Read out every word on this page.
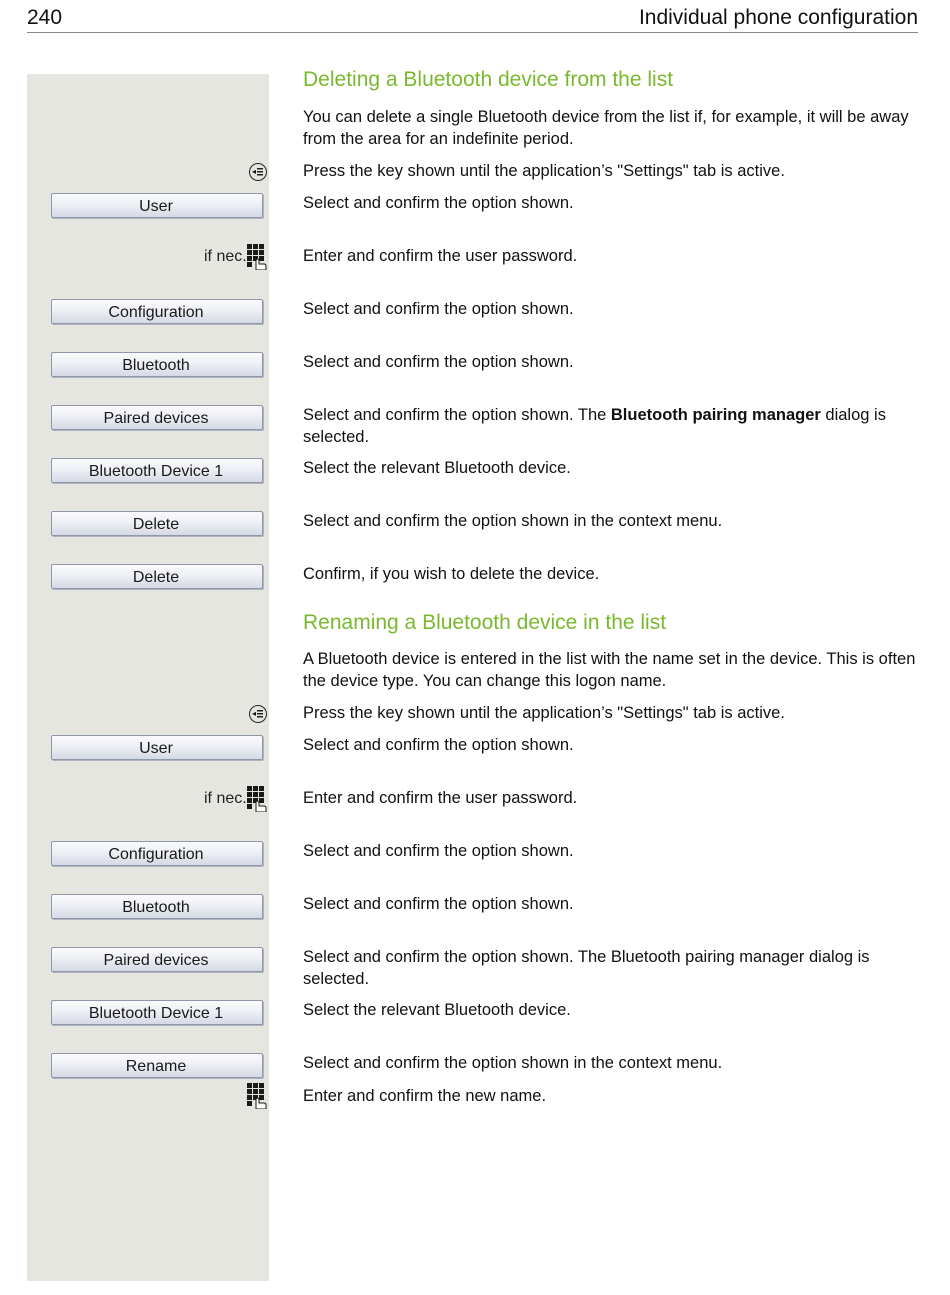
240	Individual phone configuration
Deleting a Bluetooth device from the list
You can delete a single Bluetooth device from the list if, for example, it will be away from the area for an indefinite period.
◂	Press the key shown until the application’s "Settings" tab is active.
User	Select and confirm the option shown.
if nec.	Enter and confirm the user password.
Configuration	Select and confirm the option shown.
Bluetooth	Select and confirm the option shown.
Paired devices	Select and confirm the option shown. The Bluetooth pairing manager dialog is selected.
Bluetooth Device 1	Select the relevant Bluetooth device.
Delete	Select and confirm the option shown in the context menu.
Delete	Confirm, if you wish to delete the device.
Renaming a Bluetooth device in the list
A Bluetooth device is entered in the list with the name set in the device. This is often the device type. You can change this logon name.
◂	Press the key shown until the application’s "Settings" tab is active.
User	Select and confirm the option shown.
if nec.	Enter and confirm the user password.
Configuration	Select and confirm the option shown.
Bluetooth	Select and confirm the option shown.
Paired devices	Select and confirm the option shown. The Bluetooth pairing manager dialog is selected.
Bluetooth Device 1	Select the relevant Bluetooth device.
Rename	Select and confirm the option shown in the context menu.
Enter and confirm the new name.
